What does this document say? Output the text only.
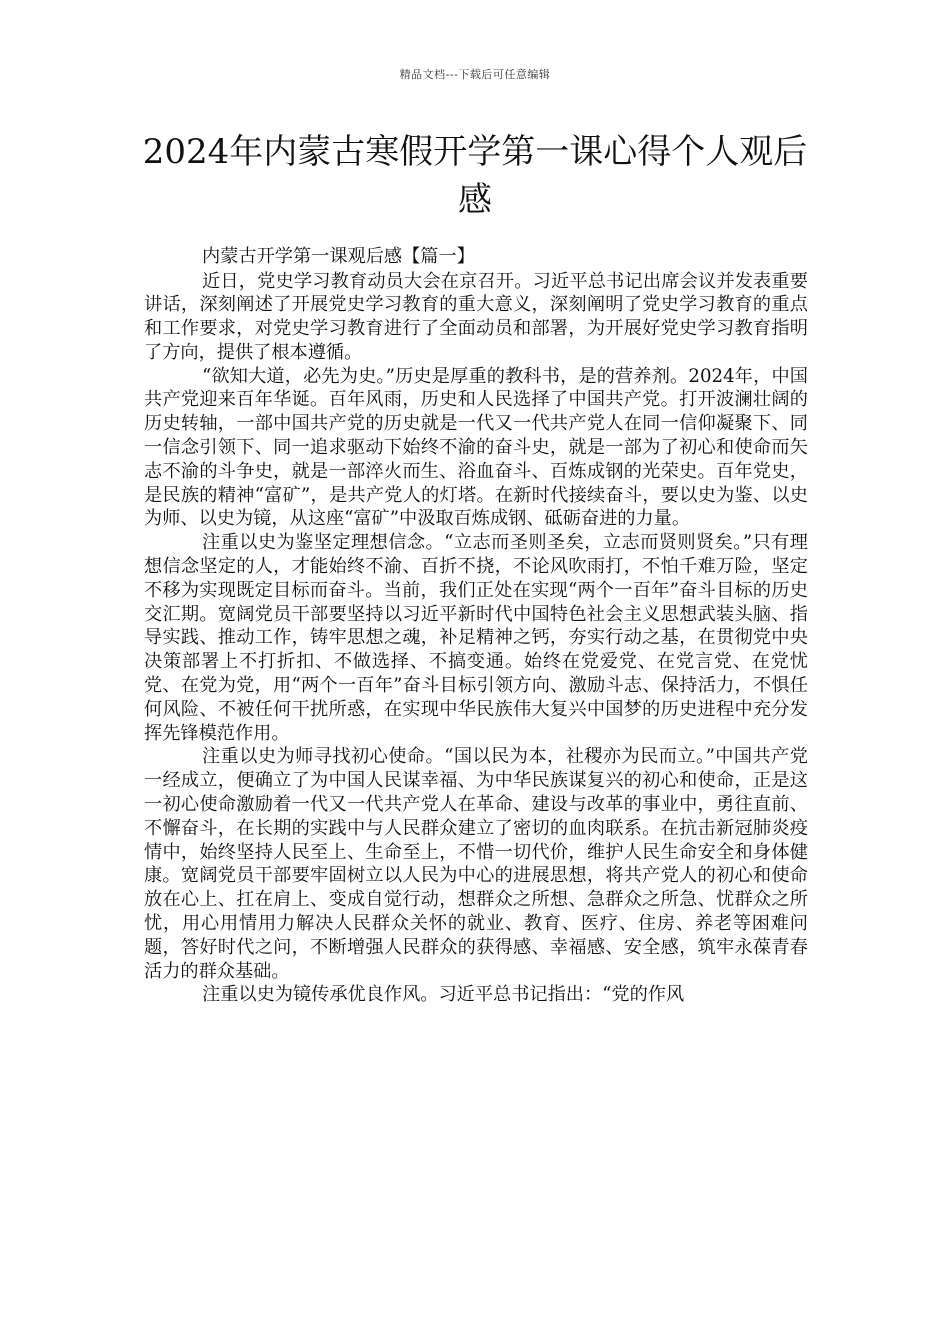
精品文档---下载后可任意编辑
2024年内蒙古寒假开学第一课心得个人观后感
内蒙古开学第一课观后感【篇一】

近日，党史学习教育动员大会在京召开。习近平总书记出席会议并发表重要讲话，深刻阐述了开展党史学习教育的重大意义，深刻阐明了党史学习教育的重点和工作要求，对党史学习教育进行了全面动员和部署，为开展好党史学习教育指明了方向，提供了根本遵循。

“欲知大道，必先为史。”历史是厚重的教科书，是的营养剂。2024年，中国共产党迎来百年华诞。百年风雨，历史和人民选择了中国共产党。打开波澜壮阔的历史转轴，一部中国共产党的历史就是一代又一代共产党人在同一信仰凝聚下、同一信念引领下、同一追求驱动下始终不渝的奋斗史，就是一部为了初心和使命而矢志不渝的斗争史，就是一部淬火而生、浴血奋斗、百炼成钢的光荣史。百年党史，是民族的精神“富矿”，是共产党人的灯塔。在新时代接续奋斗，要以史为鉴、以史为师、以史为镜，从这座“富矿”中汲取百炼成钢、砥砺奋进的力量。

注重以史为鉴坚定理想信念。“立志而圣则圣矣，立志而贤则贤矣。”只有理想信念坚定的人，才能始终不渝、百折不挠，不论风吹雨打，不怕千难万险，坚定不移为实现既定目标而奋斗。当前，我们正处在实现“两个一百年”奋斗目标的历史交汇期。宽阔党员干部要坚持以习近平新时代中国特色社会主义思想武装头脑、指导实践、推动工作，铸牢思想之魂，补足精神之钙，夯实行动之基，在贯彻党中央决策部署上不打折扣、不做选择、不搞变通。始终在党爱党、在党言党、在党忧党、在党为党，用“两个一百年”奋斗目标引领方向、激励斗志、保持活力，不惧任何风险、不被任何干扰所惑，在实现中华民族伟大复兴中国梦的历史进程中充分发挥先锋模范作用。

注重以史为师寻找初心使命。“国以民为本，社稷亦为民而立。”中国共产党一经成立，便确立了为中国人民谋幸福、为中华民族谋复兴的初心和使命，正是这一初心使命激励着一代又一代共产党人在革命、建设与改革的事业中，勇往直前、不懈奋斗，在长期的实践中与人民群众建立了密切的血肉联系。在抗击新冠肺炎疫情中，始终坚持人民至上、生命至上，不惜一切代价，维护人民生命安全和身体健康。宽阔党员干部要牢固树立以人民为中心的进展思想，将共产党人的初心和使命放在心上、扛在肩上、变成自觉行动，想群众之所想、急群众之所急、忧群众之所忧，用心用情用力解决人民群众关怀的就业、教育、医疗、住房、养老等困难问题，答好时代之问，不断增强人民群众的获得感、幸福感、安全感，筑牢永葆青春活力的群众基础。

注重以史为镜传承优良作风。习近平总书记指出：“党的作风
